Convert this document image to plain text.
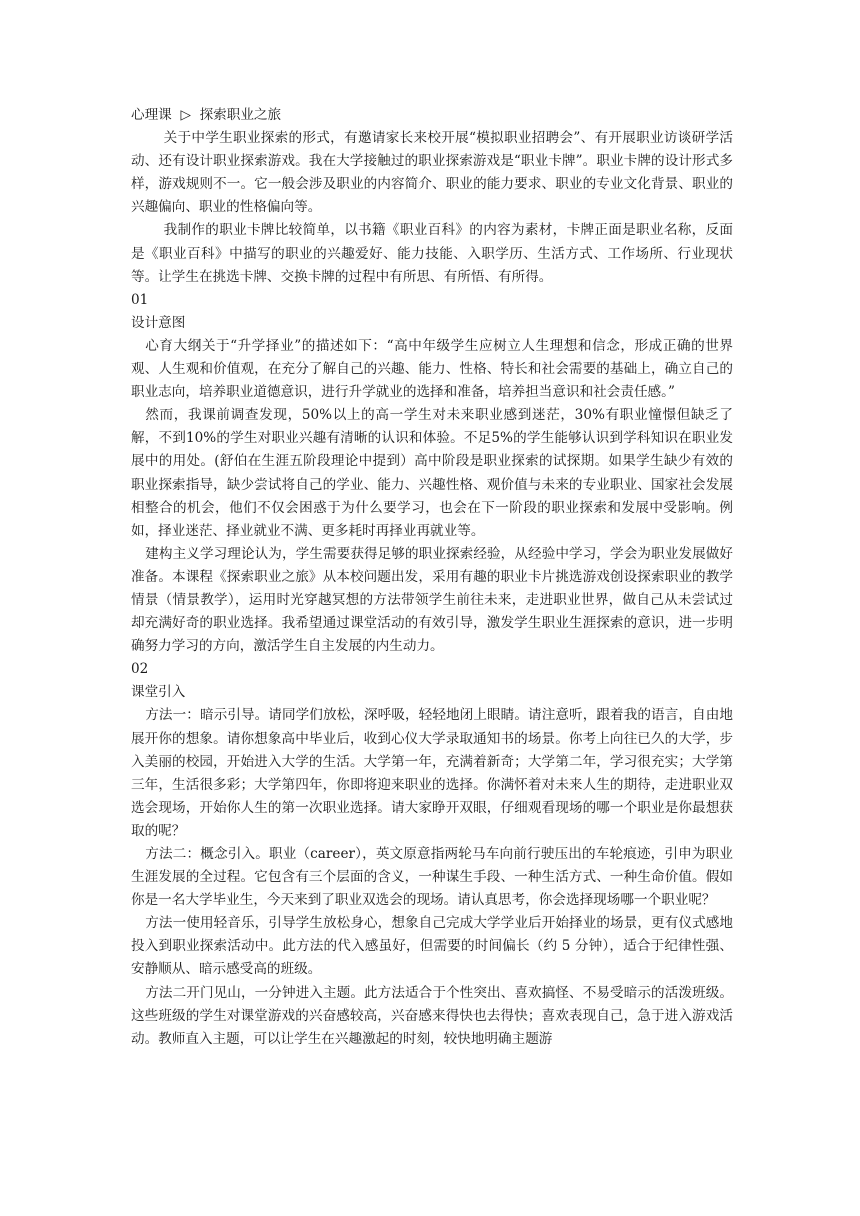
心理课 ▷ 探索职业之旅

关于中学生职业探索的形式，有邀请家长来校开展“模拟职业招聘会”、有开展职业访谈研学活动、还有设计职业探索游戏。我在大学接触过的职业探索游戏是“职业卡牌”。职业卡牌的设计形式多样，游戏规则不一。它一般会涉及职业的内容简介、职业的能力要求、职业的专业文化背景、职业的兴趣偏向、职业的性格偏向等。

我制作的职业卡牌比较简单，以书籍《职业百科》的内容为素材，卡牌正面是职业名称，反面是《职业百科》中描写的职业的兴趣爱好、能力技能、入职学历、生活方式、工作场所、行业现状等。让学生在挑选卡牌、交换卡牌的过程中有所思、有所悟、有所得。

01

设计意图

心育大纲关于“升学择业”的描述如下：“高中年级学生应树立人生理想和信念，形成正确的世界观、人生观和价值观，在充分了解自己的兴趣、能力、性格、特长和社会需要的基础上，确立自己的职业志向，培养职业道德意识，进行升学就业的选择和准备，培养担当意识和社会责任感。”

然而，我课前调查发现，50%以上的高一学生对未来职业感到迷茫，30%有职业憧憬但缺乏了解，不到10%的学生对职业兴趣有清晰的认识和体验。不足5%的学生能够认识到学科知识在职业发展中的用处。(舒伯在生涯五阶段理论中提到）高中阶段是职业探索的试探期。如果学生缺少有效的职业探索指导，缺少尝试将自己的学业、能力、兴趣性格、观价值与未来的专业职业、国家社会发展相整合的机会，他们不仅会困惑于为什么要学习，也会在下一阶段的职业探索和发展中受影响。例如，择业迷茫、择业就业不满、更多耗时再择业再就业等。

建构主义学习理论认为，学生需要获得足够的职业探索经验，从经验中学习，学会为职业发展做好准备。本课程《探索职业之旅》从本校问题出发，采用有趣的职业卡片挑选游戏创设探索职业的教学情景（情景教学），运用时光穿越冥想的方法带领学生前往未来，走进职业世界，做自己从未尝试过却充满好奇的职业选择。我希望通过课堂活动的有效引导，激发学生职业生涯探索的意识，进一步明确努力学习的方向，激活学生自主发展的内生动力。

02

课堂引入

方法一：暗示引导。请同学们放松，深呼吸，轻轻地闭上眼睛。请注意听，跟着我的语言，自由地展开你的想象。请你想象高中毕业后，收到心仪大学录取通知书的场景。你考上向往已久的大学，步入美丽的校园，开始进入大学的生活。大学第一年，充满着新奇；大学第二年，学习很充实；大学第三年，生活很多彩；大学第四年，你即将迎来职业的选择。你满怀着对未来人生的期待，走进职业双选会现场，开始你人生的第一次职业选择。请大家睁开双眼，仔细观看现场的哪一个职业是你最想获取的呢？

方法二：概念引入。职业（career），英文原意指两轮马车向前行驶压出的车轮痕迹，引申为职业生涯发展的全过程。它包含有三个层面的含义，一种谋生手段、一种生活方式、一种生命价值。假如你是一名大学毕业生，今天来到了职业双选会的现场。请认真思考，你会选择现场哪一个职业呢？

方法一使用轻音乐，引导学生放松身心，想象自己完成大学学业后开始择业的场景，更有仪式感地投入到职业探索活动中。此方法的代入感虽好，但需要的时间偏长（约 5 分钟），适合于纪律性强、安静顺从、暗示感受高的班级。

方法二开门见山，一分钟进入主题。此方法适合于个性突出、喜欢搞怪、不易受暗示的活泼班级。这些班级的学生对课堂游戏的兴奋感较高，兴奋感来得快也去得快；喜欢表现自己，急于进入游戏活动。教师直入主题，可以让学生在兴趣激起的时刻，较快地明确主题游
